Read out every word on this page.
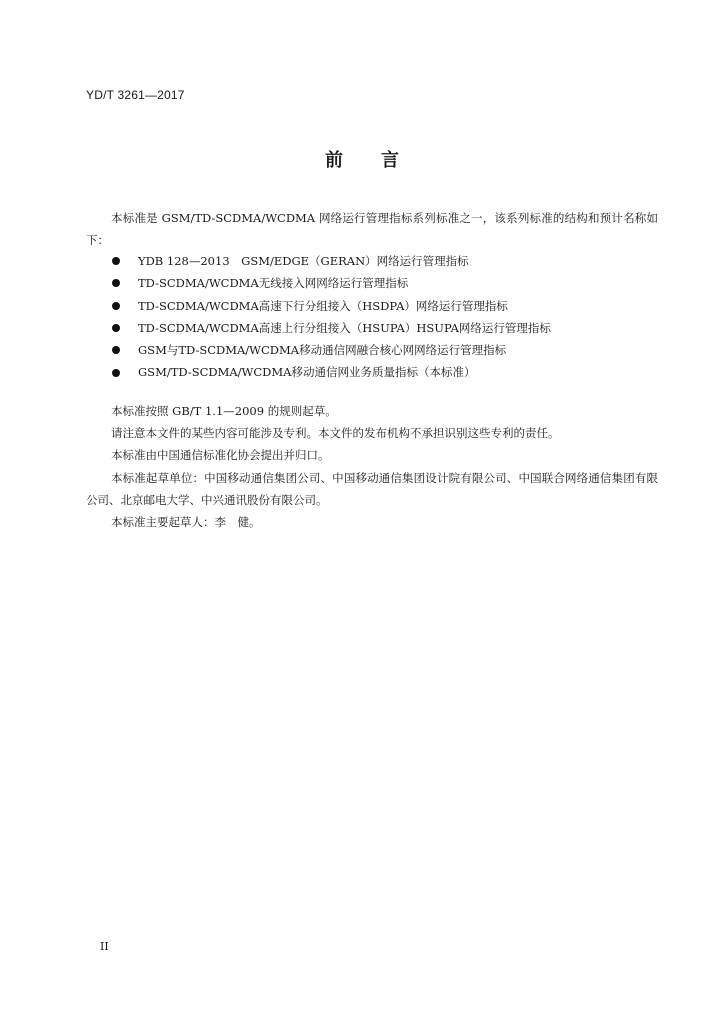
YD/T 3261—2017
前 言
本标准是 GSM/TD-SCDMA/WCDMA 网络运行管理指标系列标准之一，该系列标准的结构和预计名称如下：
YDB 128—2013　GSM/EDGE（GERAN）网络运行管理指标
TD-SCDMA/WCDMA无线接入网网络运行管理指标
TD-SCDMA/WCDMA高速下行分组接入（HSDPA）网络运行管理指标
TD-SCDMA/WCDMA高速上行分组接入（HSUPA）HSUPA网络运行管理指标
GSM与TD-SCDMA/WCDMA移动通信网融合核心网网络运行管理指标
GSM/TD-SCDMA/WCDMA移动通信网业务质量指标（本标准）

本标准按照 GB/T 1.1—2009 的规则起草。

请注意本文件的某些内容可能涉及专利。本文件的发布机构不承担识别这些专利的责任。

本标准由中国通信标准化协会提出并归口。

本标准起草单位：中国移动通信集团公司、中国移动通信集团设计院有限公司、中国联合网络通信集团有限公司、北京邮电大学、中兴通讯股份有限公司。

本标准主要起草人：李　健。

II
